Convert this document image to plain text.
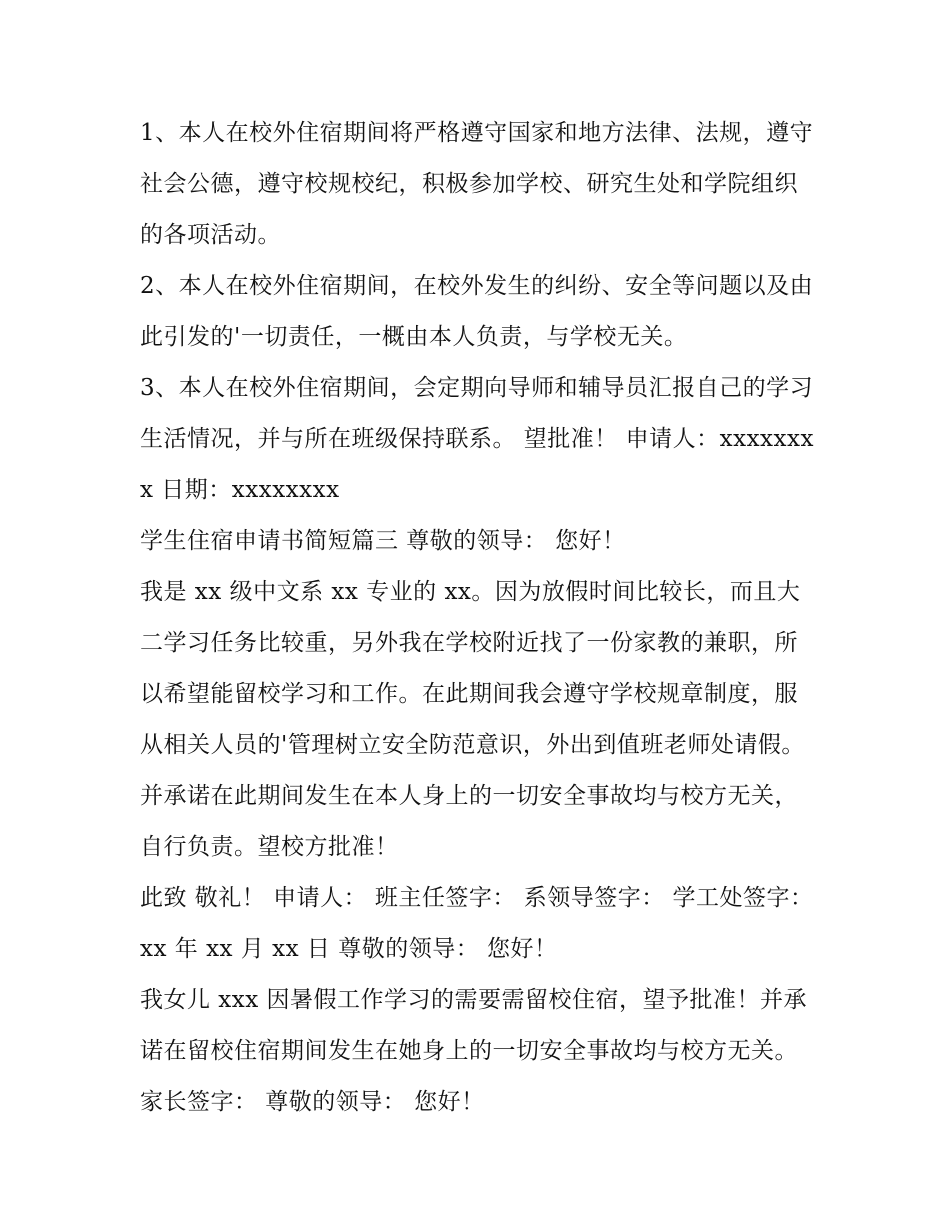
1、本人在校外住宿期间将严格遵守国家和地方法律、法规，遵守社会公德，遵守校规校纪，积极参加学校、研究生处和学院组织的各项活动。

2、本人在校外住宿期间，在校外发生的纠纷、安全等问题以及由此引发的'一切责任，一概由本人负责，与学校无关。

3、本人在校外住宿期间，会定期向导师和辅导员汇报自己的学习生活情况，并与所在班级保持联系。 望批准！ 申请人：xxxxxxxx 日期：xxxxxxxx

学生住宿申请书简短篇三 尊敬的领导： 您好！

我是 xx 级中文系 xx 专业的 xx。因为放假时间比较长，而且大二学习任务比较重，另外我在学校附近找了一份家教的兼职，所以希望能留校学习和工作。在此期间我会遵守学校规章制度，服从相关人员的'管理树立安全防范意识，外出到值班老师处请假。并承诺在此期间发生在本人身上的一切安全事故均与校方无关，自行负责。望校方批准！

此致 敬礼！ 申请人： 班主任签字： 系领导签字： 学工处签字： xx 年 xx 月 xx 日 尊敬的领导： 您好！

我女儿 xxx 因暑假工作学习的需要需留校住宿，望予批准！并承诺在留校住宿期间发生在她身上的一切安全事故均与校方无关。 家长签字： 尊敬的领导： 您好！
